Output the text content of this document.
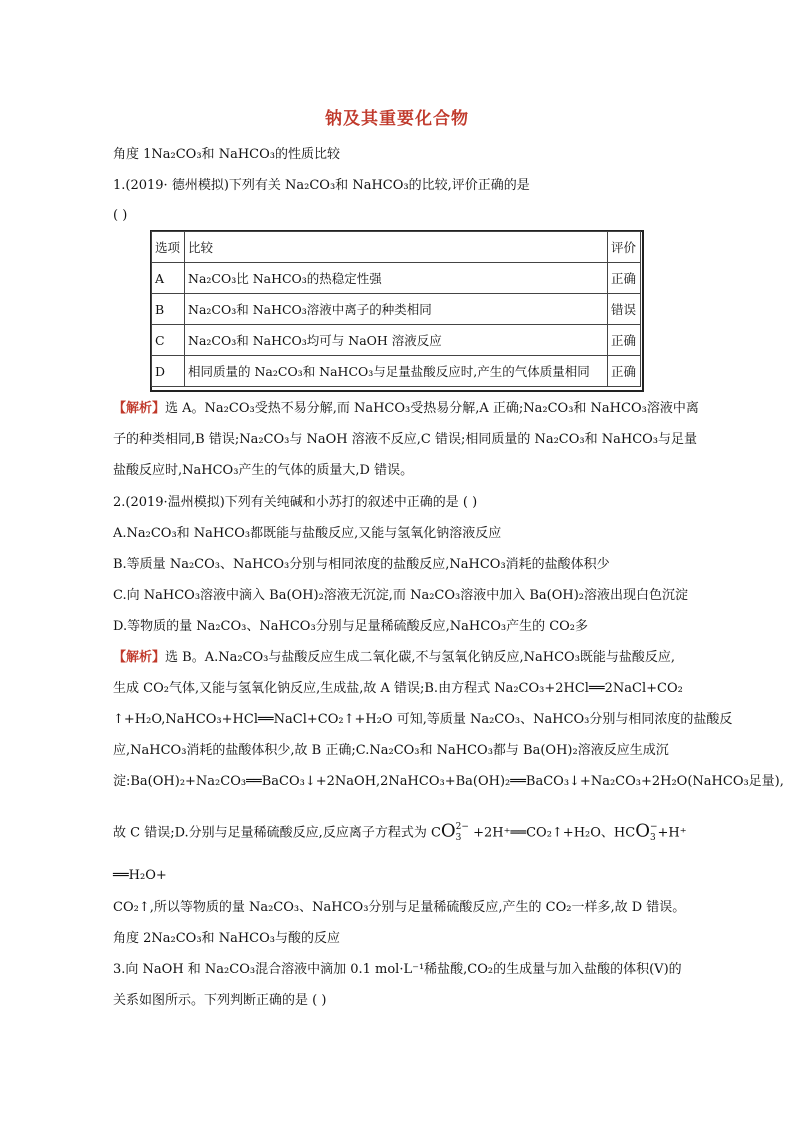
钠及其重要化合物
角度 1Na₂CO₃和 NaHCO₃的性质比较
1.(2019· 德州模拟)下列有关 Na₂CO₃和 NaHCO₃的比较,评价正确的是
( )
选项	比较	评价
A	Na₂CO₃比 NaHCO₃的热稳定性强	正确
B	Na₂CO₃和 NaHCO₃溶液中离子的种类相同	错误
C	Na₂CO₃和 NaHCO₃均可与 NaOH 溶液反应	正确
D	相同质量的 Na₂CO₃和 NaHCO₃与足量盐酸反应时,产生的气体质量相同	正确
【解析】选 A。Na₂CO₃受热不易分解,而 NaHCO₃受热易分解,A 正确;Na₂CO₃和 NaHCO₃溶液中离
子的种类相同,B 错误;Na₂CO₃与 NaOH 溶液不反应,C 错误;相同质量的 Na₂CO₃和 NaHCO₃与足量
盐酸反应时,NaHCO₃产生的气体的质量大,D 错误。
2.(2019·温州模拟)下列有关纯碱和小苏打的叙述中正确的是 ( )
A.Na₂CO₃和 NaHCO₃都既能与盐酸反应,又能与氢氧化钠溶液反应
B.等质量 Na₂CO₃、NaHCO₃分别与相同浓度的盐酸反应,NaHCO₃消耗的盐酸体积少
C.向 NaHCO₃溶液中滴入 Ba(OH)₂溶液无沉淀,而 Na₂CO₃溶液中加入 Ba(OH)₂溶液出现白色沉淀
D.等物质的量 Na₂CO₃、NaHCO₃分别与足量稀硫酸反应,NaHCO₃产生的 CO₂多
【解析】选 B。A.Na₂CO₃与盐酸反应生成二氧化碳,不与氢氧化钠反应,NaHCO₃既能与盐酸反应,
生成 CO₂气体,又能与氢氧化钠反应,生成盐,故 A 错误;B.由方程式 Na₂CO₃+2HCl══2NaCl+CO₂
↑+H₂O,NaHCO₃+HCl══NaCl+CO₂↑+H₂O 可知,等质量 Na₂CO₃、NaHCO₃分别与相同浓度的盐酸反
应,NaHCO₃消耗的盐酸体积少,故 B 正确;C.Na₂CO₃和 NaHCO₃都与 Ba(OH)₂溶液反应生成沉
淀:Ba(OH)₂+Na₂CO₃══BaCO₃↓+2NaOH,2NaHCO₃+Ba(OH)₂══BaCO₃↓+Na₂CO₃+2H₂O(NaHCO₃足量),
故 C 错误;D.分别与足量稀硫酸反应,反应离子方程式为 CO 2−
3 +2H⁺══CO₂↑+H₂O、HCO −
3 +H⁺
══H₂O+
CO₂↑,所以等物质的量 Na₂CO₃、NaHCO₃分别与足量稀硫酸反应,产生的 CO₂一样多,故 D 错误。
角度 2Na₂CO₃和 NaHCO₃与酸的反应
3.向 NaOH 和 Na₂CO₃混合溶液中滴加 0.1 mol·L⁻¹稀盐酸,CO₂的生成量与加入盐酸的体积(V)的
关系如图所示。下列判断正确的是 ( )
